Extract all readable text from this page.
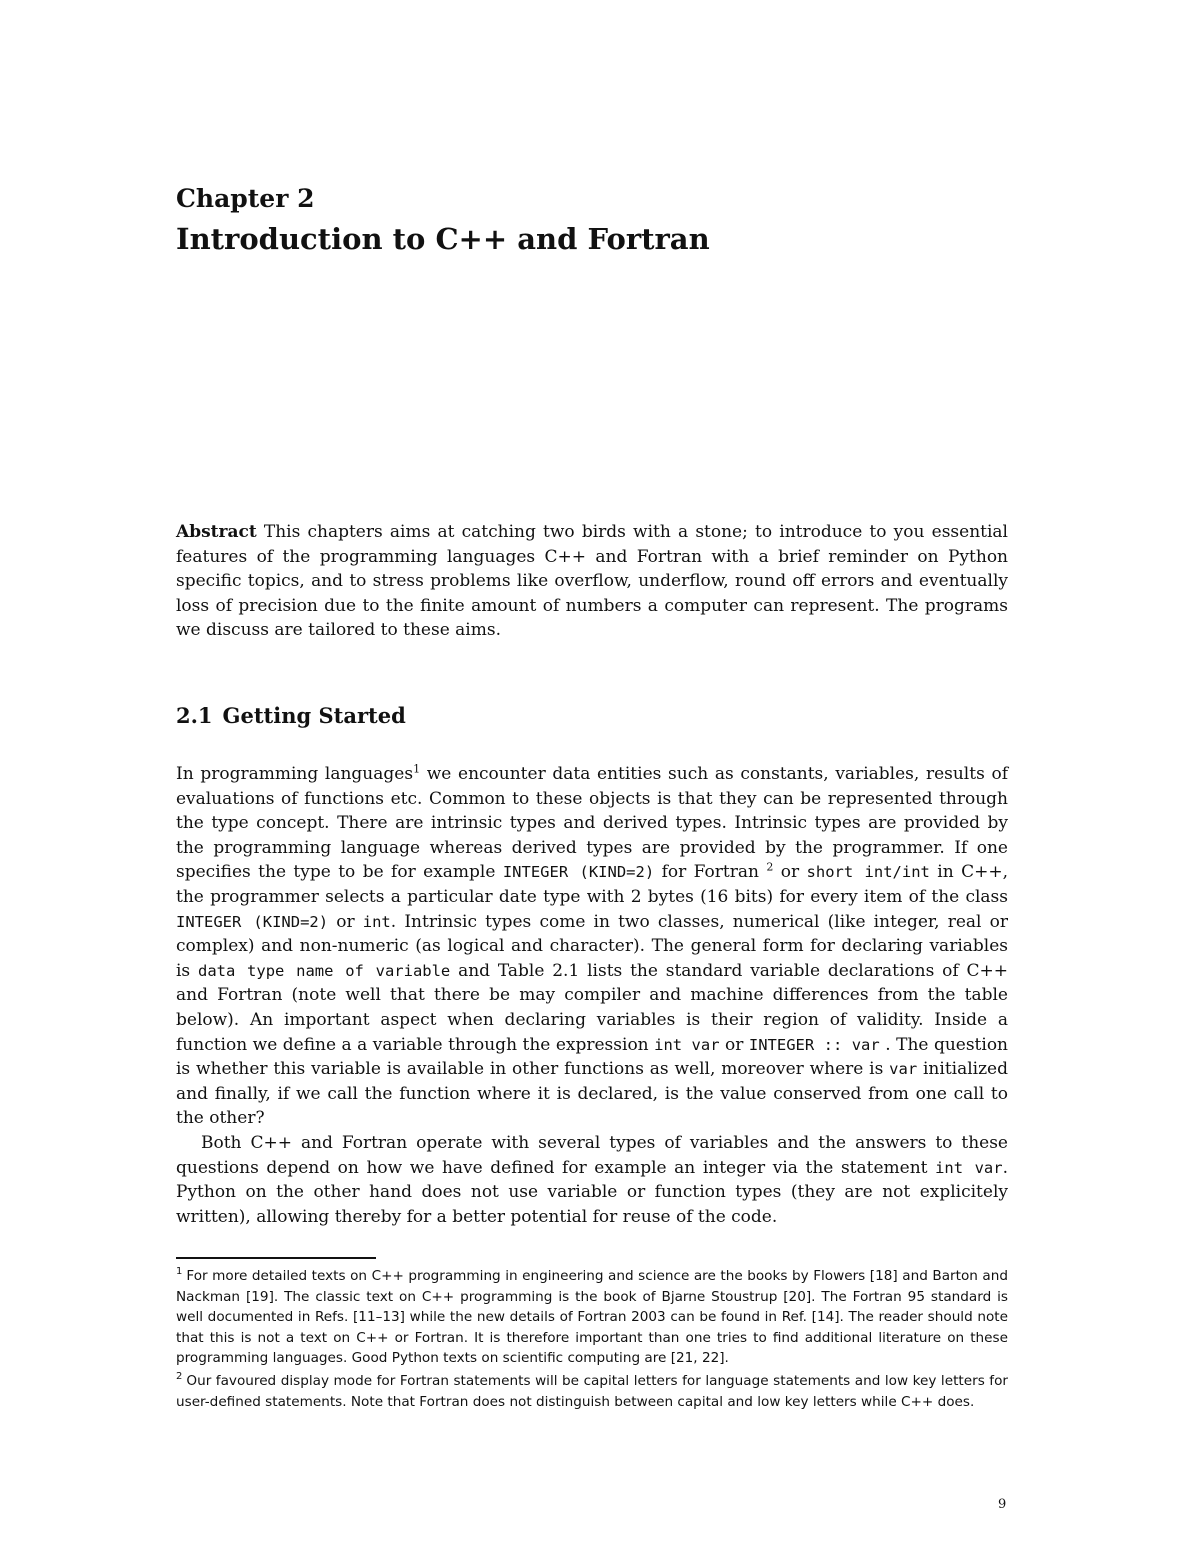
Chapter 2
Introduction to C++ and Fortran

Abstract This chapters aims at catching two birds with a stone; to introduce to you essential features of the programming languages C++ and Fortran with a brief reminder on Python specific topics, and to stress problems like overflow, underflow, round off errors and eventually loss of precision due to the finite amount of numbers a computer can represent. The programs we discuss are tailored to these aims.

2.1 Getting Started

In programming languages$^1$ we encounter data entities such as constants, variables, results of evaluations of functions etc. Common to these objects is that they can be represented through the type concept. There are intrinsic types and derived types. Intrinsic types are provided by the programming language whereas derived types are provided by the programmer. If one specifies the type to be for example INTEGER (KIND=2) for Fortran $^2$ or short int/int in C++, the programmer selects a particular date type with 2 bytes (16 bits) for every item of the class INTEGER (KIND=2) or int. Intrinsic types come in two classes, numerical (like integer, real or complex) and non-numeric (as logical and character). The general form for declaring variables is data type name of variable and Table 2.1 lists the standard variable declarations of C++ and Fortran (note well that there be may compiler and machine differences from the table below). An important aspect when declaring variables is their region of validity. Inside a function we define a a variable through the expression int var or INTEGER :: var . The question is whether this variable is available in other functions as well, moreover where is var initialized and finally, if we call the function where it is declared, is the value conserved from one call to the other?

Both C++ and Fortran operate with several types of variables and the answers to these questions depend on how we have defined for example an integer via the statement int var. Python on the other hand does not use variable or function types (they are not explicitely written), allowing thereby for a better potential for reuse of the code.

$^1$ For more detailed texts on C++ programming in engineering and science are the books by Flowers [18] and Barton and Nackman [19]. The classic text on C++ programming is the book of Bjarne Stoustrup [20]. The Fortran 95 standard is well documented in Refs. [11–13] while the new details of Fortran 2003 can be found in Ref. [14]. The reader should note that this is not a text on C++ or Fortran. It is therefore important than one tries to find additional literature on these programming languages. Good Python texts on scientific computing are [21, 22].

$^2$ Our favoured display mode for Fortran statements will be capital letters for language statements and low key letters for user-defined statements. Note that Fortran does not distinguish between capital and low key letters while C++ does.

9
